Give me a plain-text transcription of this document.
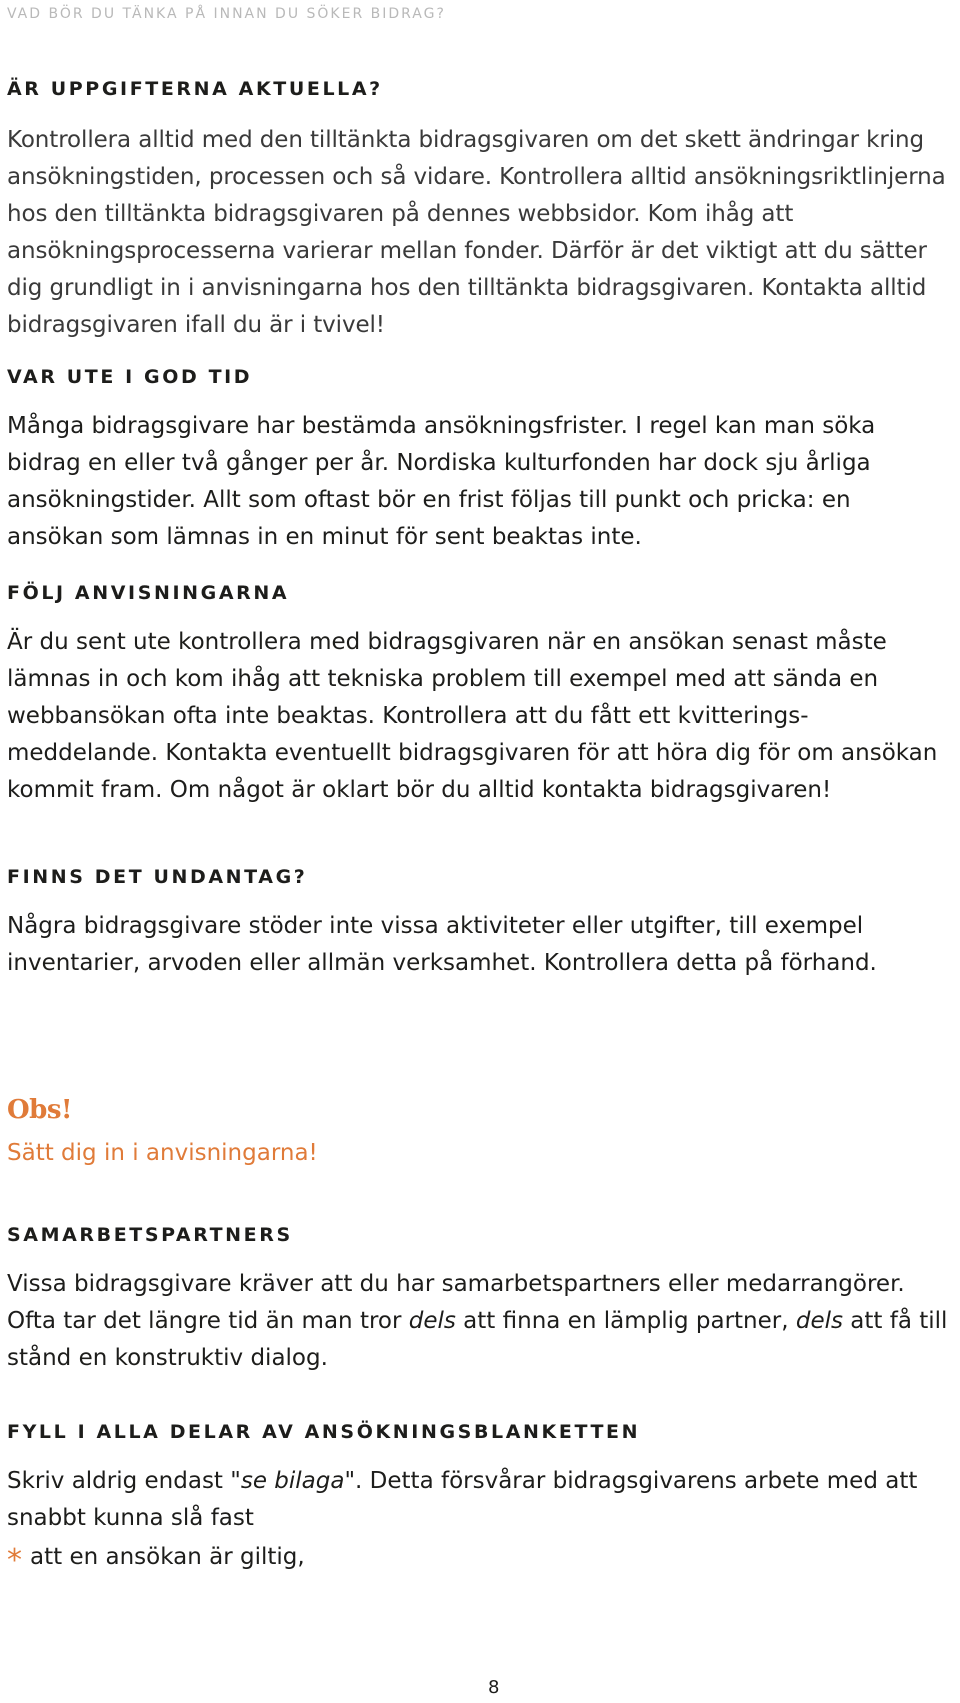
VAD BÖR DU TÄNKA PÅ INNAN DU SÖKER BIDRAG?
ÄR UPPGIFTERNA AKTUELLA?

Kontrollera alltid med den tilltänkta bidragsgivaren om det skett ändringar kring ansökningstiden, processen och så vidare. Kontrollera alltid ansökningsriktlinjerna hos den tilltänkta bidragsgivaren på dennes webbsidor. Kom ihåg att ansökningsprocesserna varierar mellan fonder. Därför är det viktigt att du sätter dig grundligt in i anvisningarna hos den tilltänkta bidragsgivaren. Kontakta alltid bidragsgivaren ifall du är i tvivel!

VAR UTE I GOD TID

Många bidragsgivare har bestämda ansökningsfrister. I regel kan man söka bidrag en eller två gånger per år. Nordiska kulturfonden har dock sju årliga ansökningstider. Allt som oftast bör en frist följas till punkt och pricka: en ansökan som lämnas in en minut för sent beaktas inte.

FÖLJ ANVISNINGARNA

Är du sent ute kontrollera med bidragsgivaren när en ansökan senast måste lämnas in och kom ihåg att tekniska problem till exempel med att sända en webbansökan ofta inte beaktas. Kontrollera att du fått ett kvitterings-meddelande. Kontakta eventuellt bidragsgivaren för att höra dig för om ansökan kommit fram. Om något är oklart bör du alltid kontakta bidragsgivaren!

FINNS DET UNDANTAG?

Några bidragsgivare stöder inte vissa aktiviteter eller utgifter, till exempel inventarier, arvoden eller allmän verksamhet. Kontrollera detta på förhand.

Obs!
Sätt dig in i anvisningarna!
SAMARBETSPARTNERS

Vissa bidragsgivare kräver att du har samarbetspartners eller medarrangörer. Ofta tar det längre tid än man tror dels att finna en lämplig partner, dels att få till stånd en konstruktiv dialog.

FYLL I ALLA DELAR AV ANSÖKNINGSBLANKETTEN

Skriv aldrig endast "se bilaga". Detta försvårar bidragsgivarens arbete med att snabbt kunna slå fast

* att en ansökan är giltig,
8
